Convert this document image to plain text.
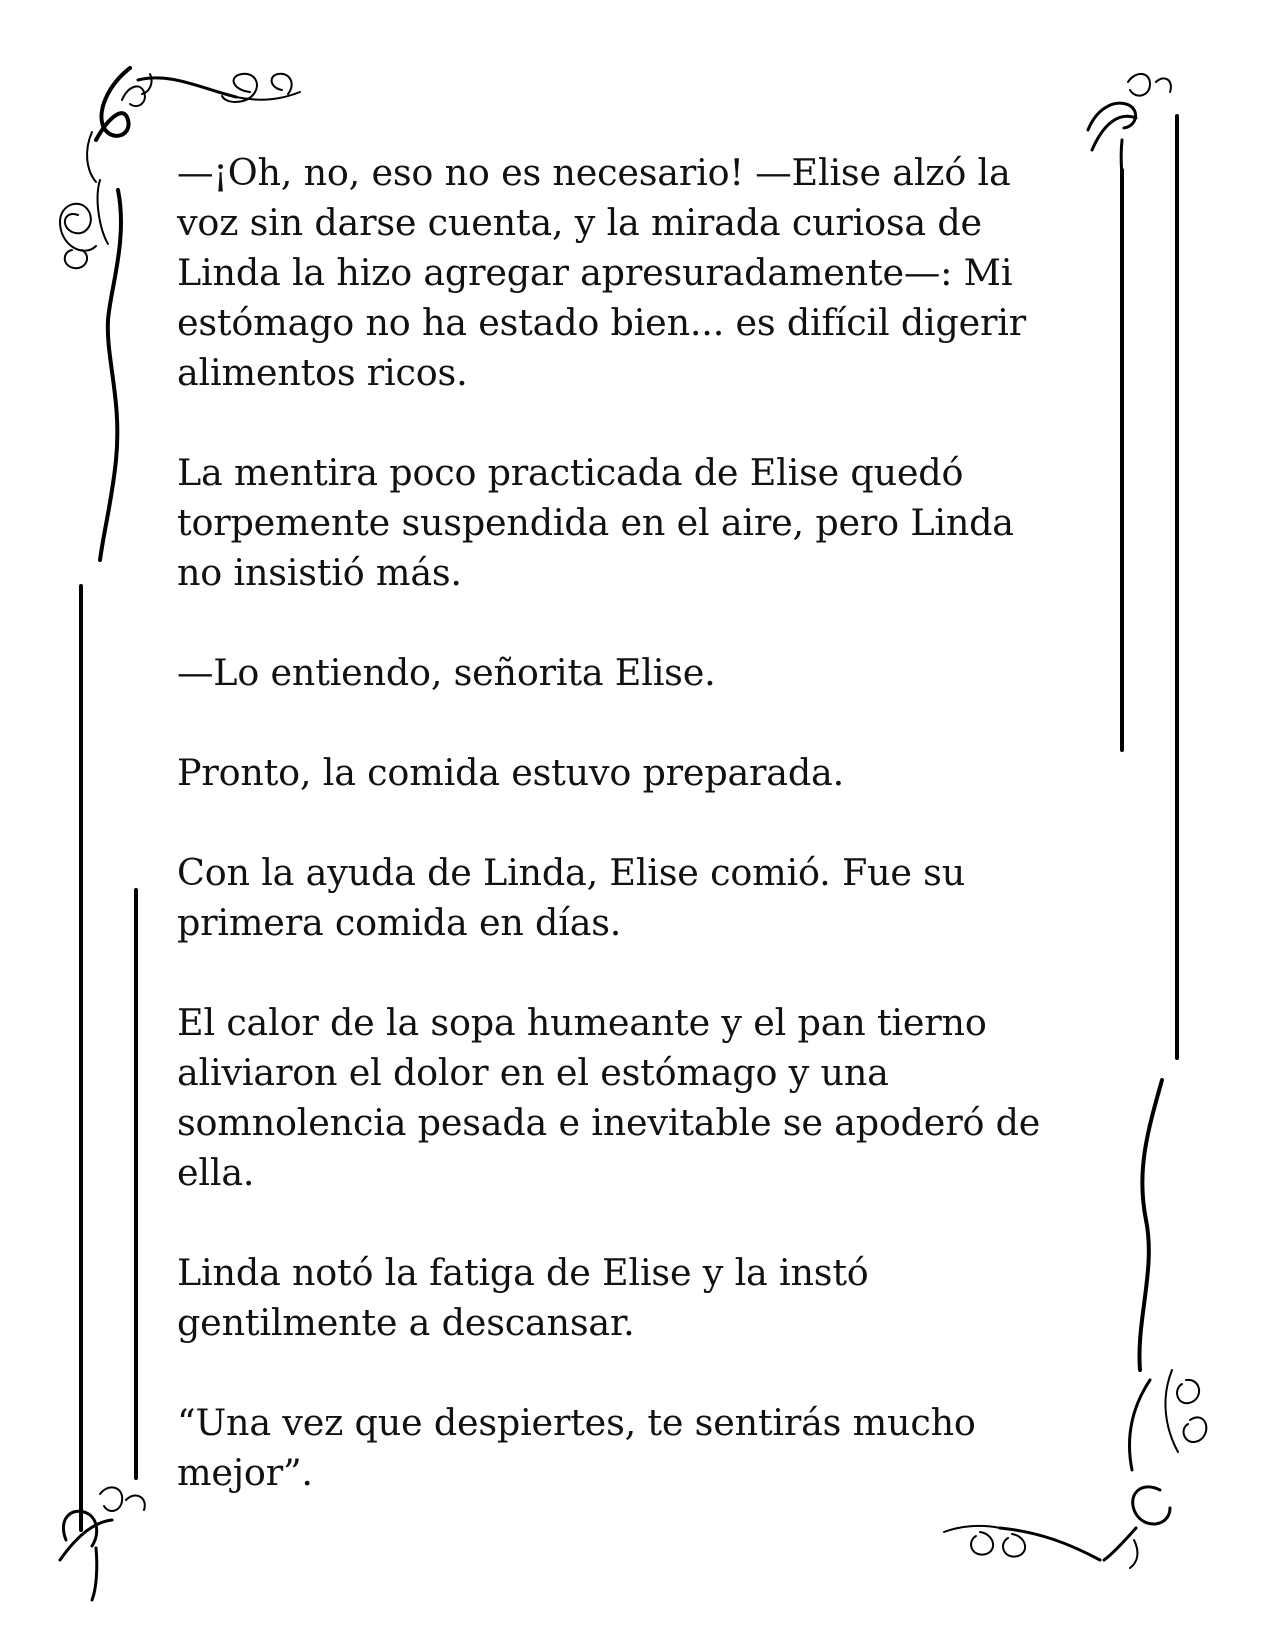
—¡Oh, no, eso no es necesario! —Elise alzó la
voz sin darse cuenta, y la mirada curiosa de
Linda la hizo agregar apresuradamente—: Mi
estómago no ha estado bien... es difícil digerir
alimentos ricos.

La mentira poco practicada de Elise quedó
torpemente suspendida en el aire, pero Linda
no insistió más.

—Lo entiendo, señorita Elise.

Pronto, la comida estuvo preparada.

Con la ayuda de Linda, Elise comió. Fue su
primera comida en días.

El calor de la sopa humeante y el pan tierno
aliviaron el dolor en el estómago y una
somnolencia pesada e inevitable se apoderó de
ella.

Linda notó la fatiga de Elise y la instó
gentilmente a descansar.

“Una vez que despiertes, te sentirás mucho
mejor”.
